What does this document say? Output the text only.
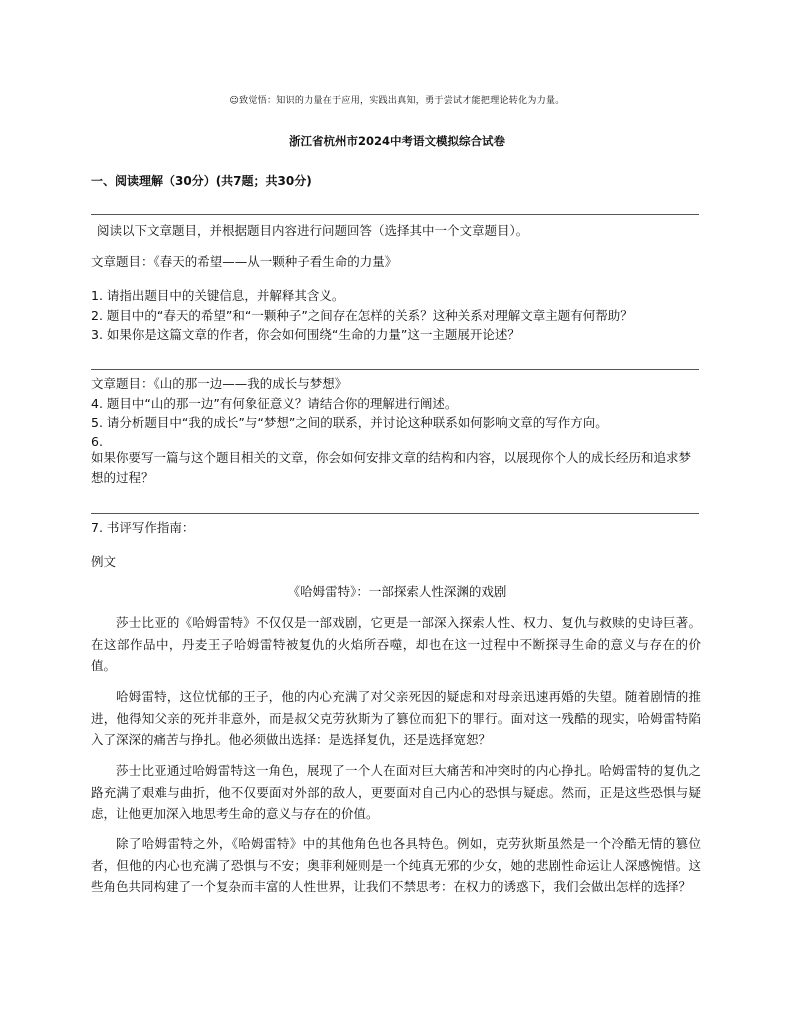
☺致觉悟：知识的力量在于应用，实践出真知，勇于尝试才能把理论转化为力量。
浙江省杭州市2024中考语文模拟综合试卷
一、阅读理解（30分）(共7题；共30分)
阅读以下文章题目，并根据题目内容进行问题回答（选择其中一个文章题目）。
文章题目：《春天的希望——从一颗种子看生命的力量》
1. 请指出题目中的关键信息，并解释其含义。
2. 题目中的“春天的希望”和“一颗种子”之间存在怎样的关系？这种关系对理解文章主题有何帮助？
3. 如果你是这篇文章的作者，你会如何围绕“生命的力量”这一主题展开论述？
文章题目：《山的那一边——我的成长与梦想》
4. 题目中“山的那一边”有何象征意义？请结合你的理解进行阐述。
5. 请分析题目中“我的成长”与“梦想”之间的联系，并讨论这种联系如何影响文章的写作方向。
6.
如果你要写一篇与这个题目相关的文章，你会如何安排文章的结构和内容，以展现你个人的成长经历和追求梦想的过程？
7. 书评写作指南：
例文
《哈姆雷特》：一部探索人性深渊的戏剧
莎士比亚的《哈姆雷特》不仅仅是一部戏剧，它更是一部深入探索人性、权力、复仇与救赎的史诗巨著。在这部作品中，丹麦王子哈姆雷特被复仇的火焰所吞噬，却也在这一过程中不断探寻生命的意义与存在的价值。
哈姆雷特，这位忧郁的王子，他的内心充满了对父亲死因的疑虑和对母亲迅速再婚的失望。随着剧情的推进，他得知父亲的死并非意外，而是叔父克劳狄斯为了篡位而犯下的罪行。面对这一残酷的现实，哈姆雷特陷入了深深的痛苦与挣扎。他必须做出选择：是选择复仇，还是选择宽恕？
莎士比亚通过哈姆雷特这一角色，展现了一个人在面对巨大痛苦和冲突时的内心挣扎。哈姆雷特的复仇之路充满了艰难与曲折，他不仅要面对外部的敌人，更要面对自己内心的恐惧与疑虑。然而，正是这些恐惧与疑虑，让他更加深入地思考生命的意义与存在的价值。
除了哈姆雷特之外，《哈姆雷特》中的其他角色也各具特色。例如，克劳狄斯虽然是一个冷酷无情的篡位者，但他的内心也充满了恐惧与不安；奥菲利娅则是一个纯真无邪的少女，她的悲剧性命运让人深感惋惜。这些角色共同构建了一个复杂而丰富的人性世界，让我们不禁思考：在权力的诱惑下，我们会做出怎样的选择？
